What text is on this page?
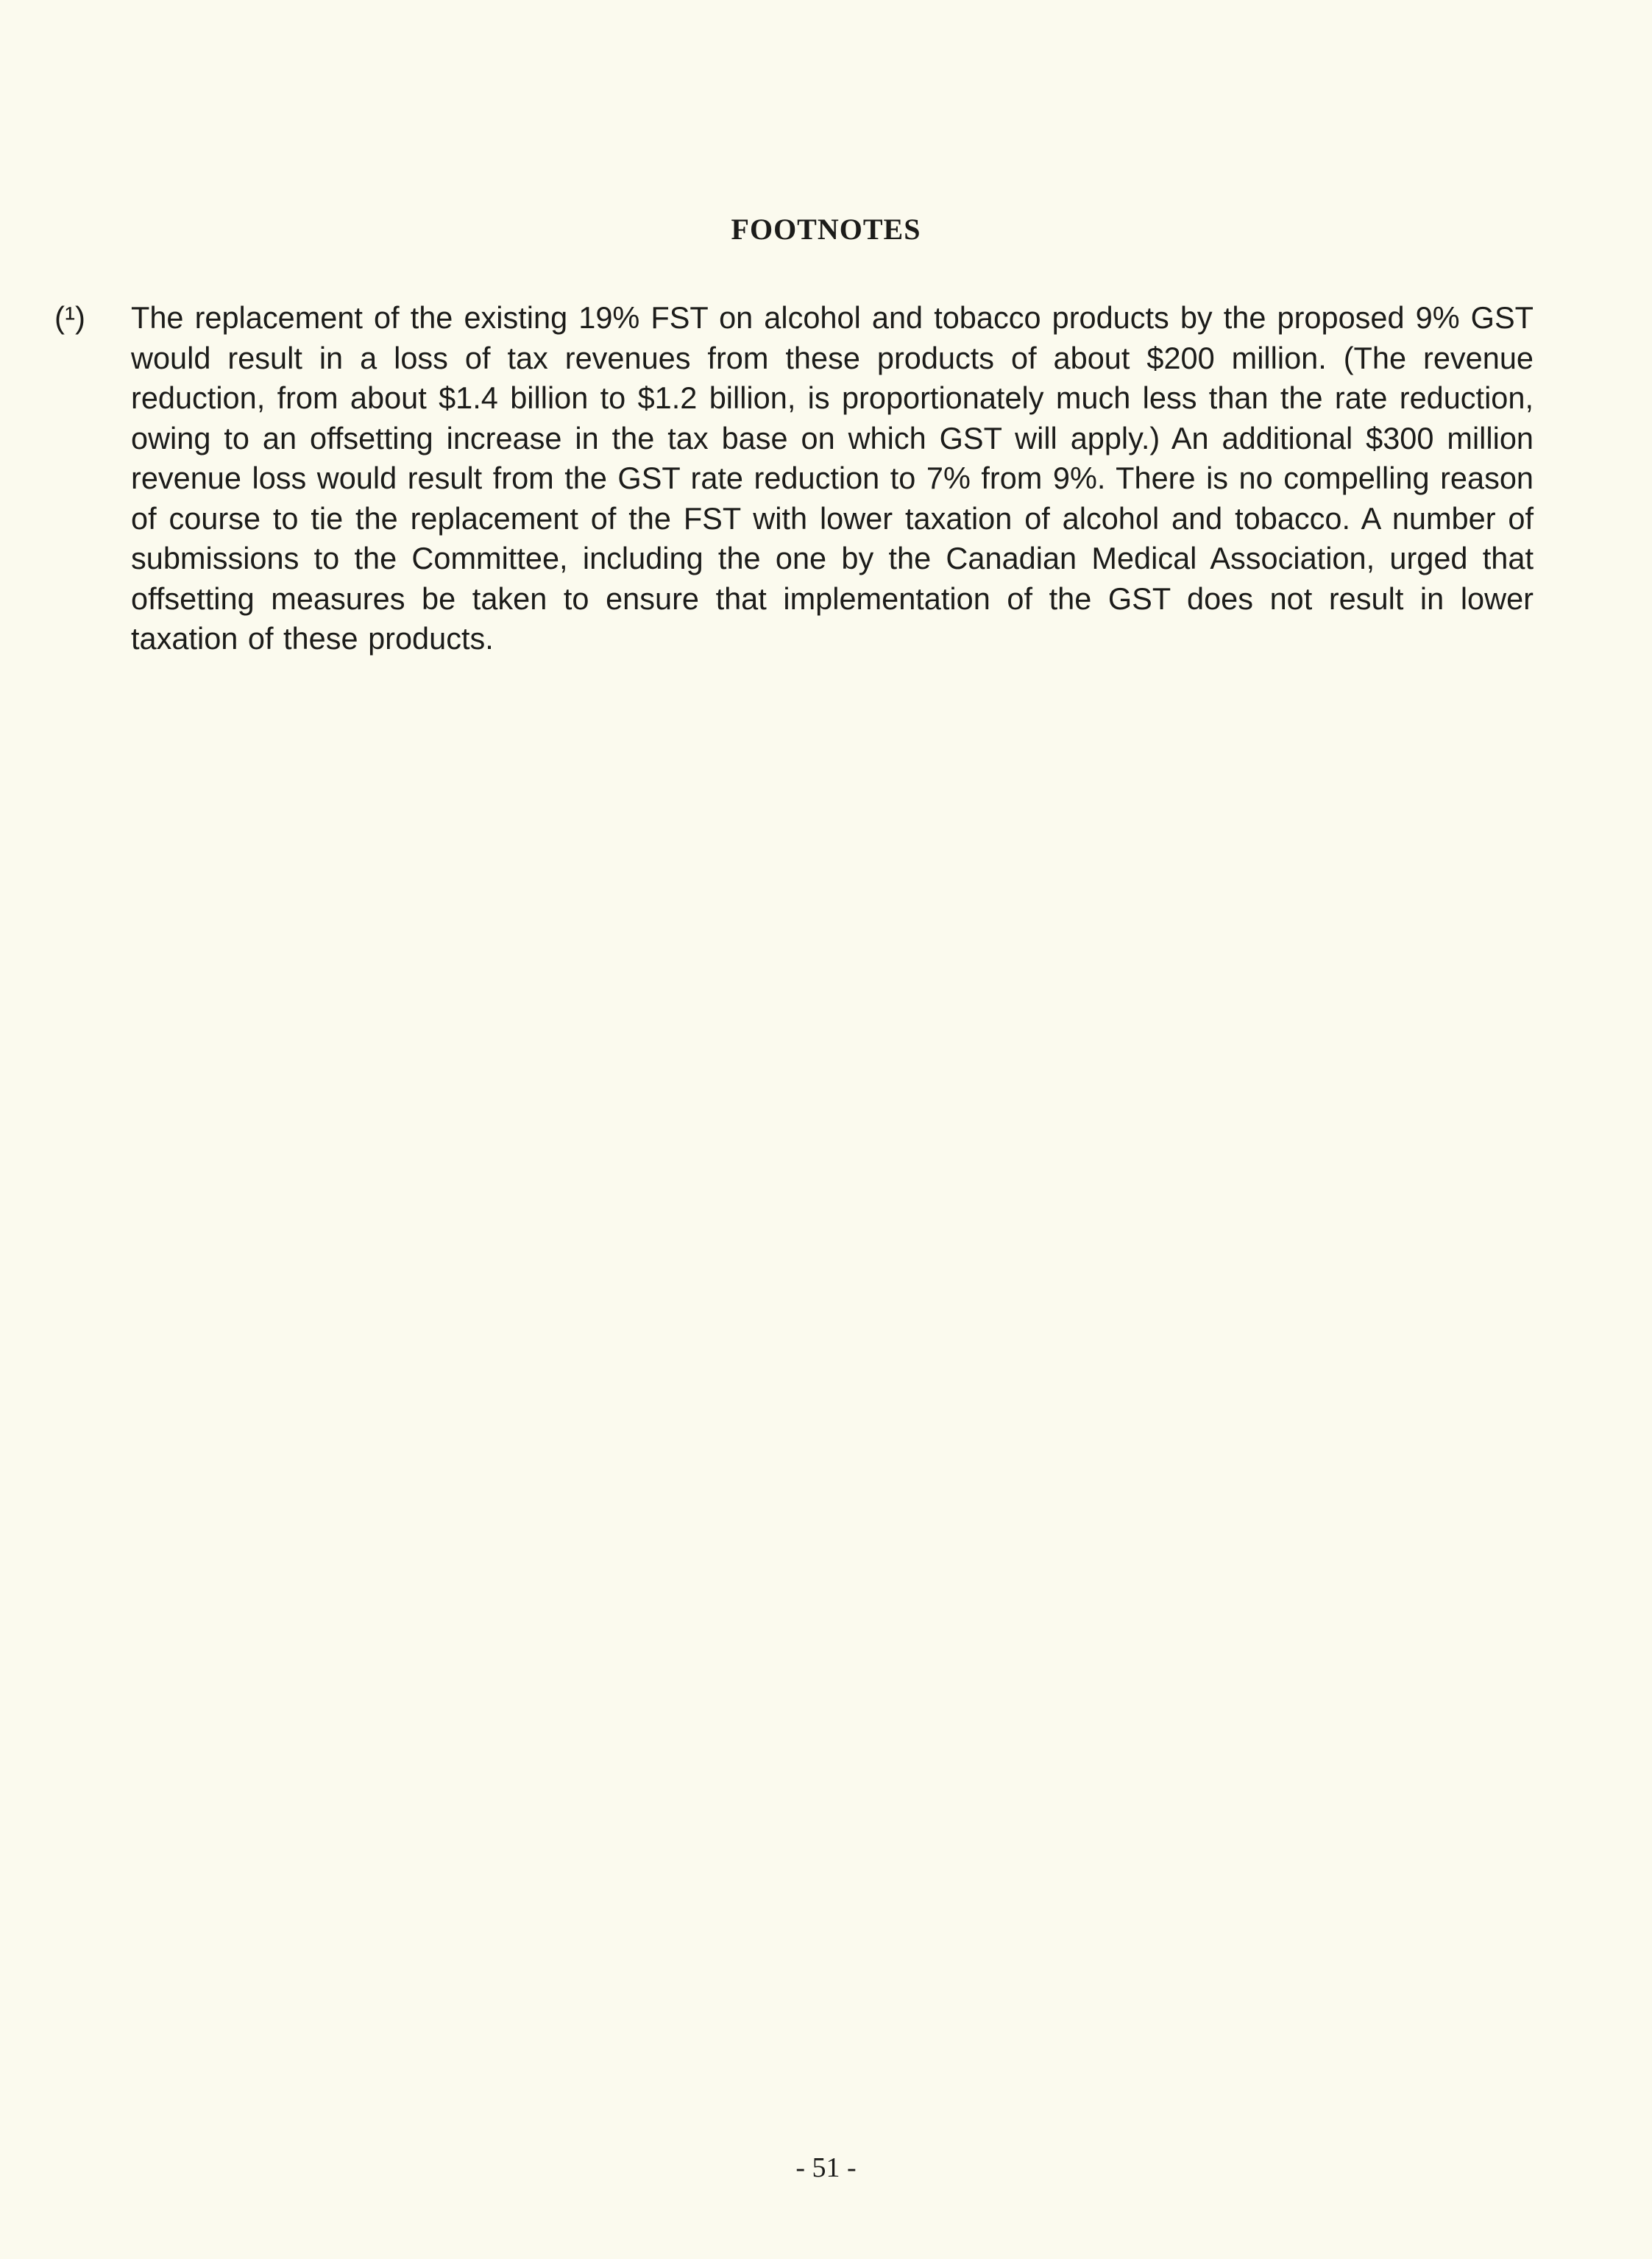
FOOTNOTES
(¹) The replacement of the existing 19% FST on alcohol and tobacco products by the proposed 9% GST would result in a loss of tax revenues from these products of about $200 million. (The revenue reduction, from about $1.4 billion to $1.2 billion, is proportionately much less than the rate reduction, owing to an offsetting increase in the tax base on which GST will apply.) An additional $300 million revenue loss would result from the GST rate reduction to 7% from 9%. There is no compelling reason of course to tie the replacement of the FST with lower taxation of alcohol and tobacco. A number of submissions to the Committee, including the one by the Canadian Medical Association, urged that offsetting measures be taken to ensure that implementation of the GST does not result in lower taxation of these products.
- 51 -
